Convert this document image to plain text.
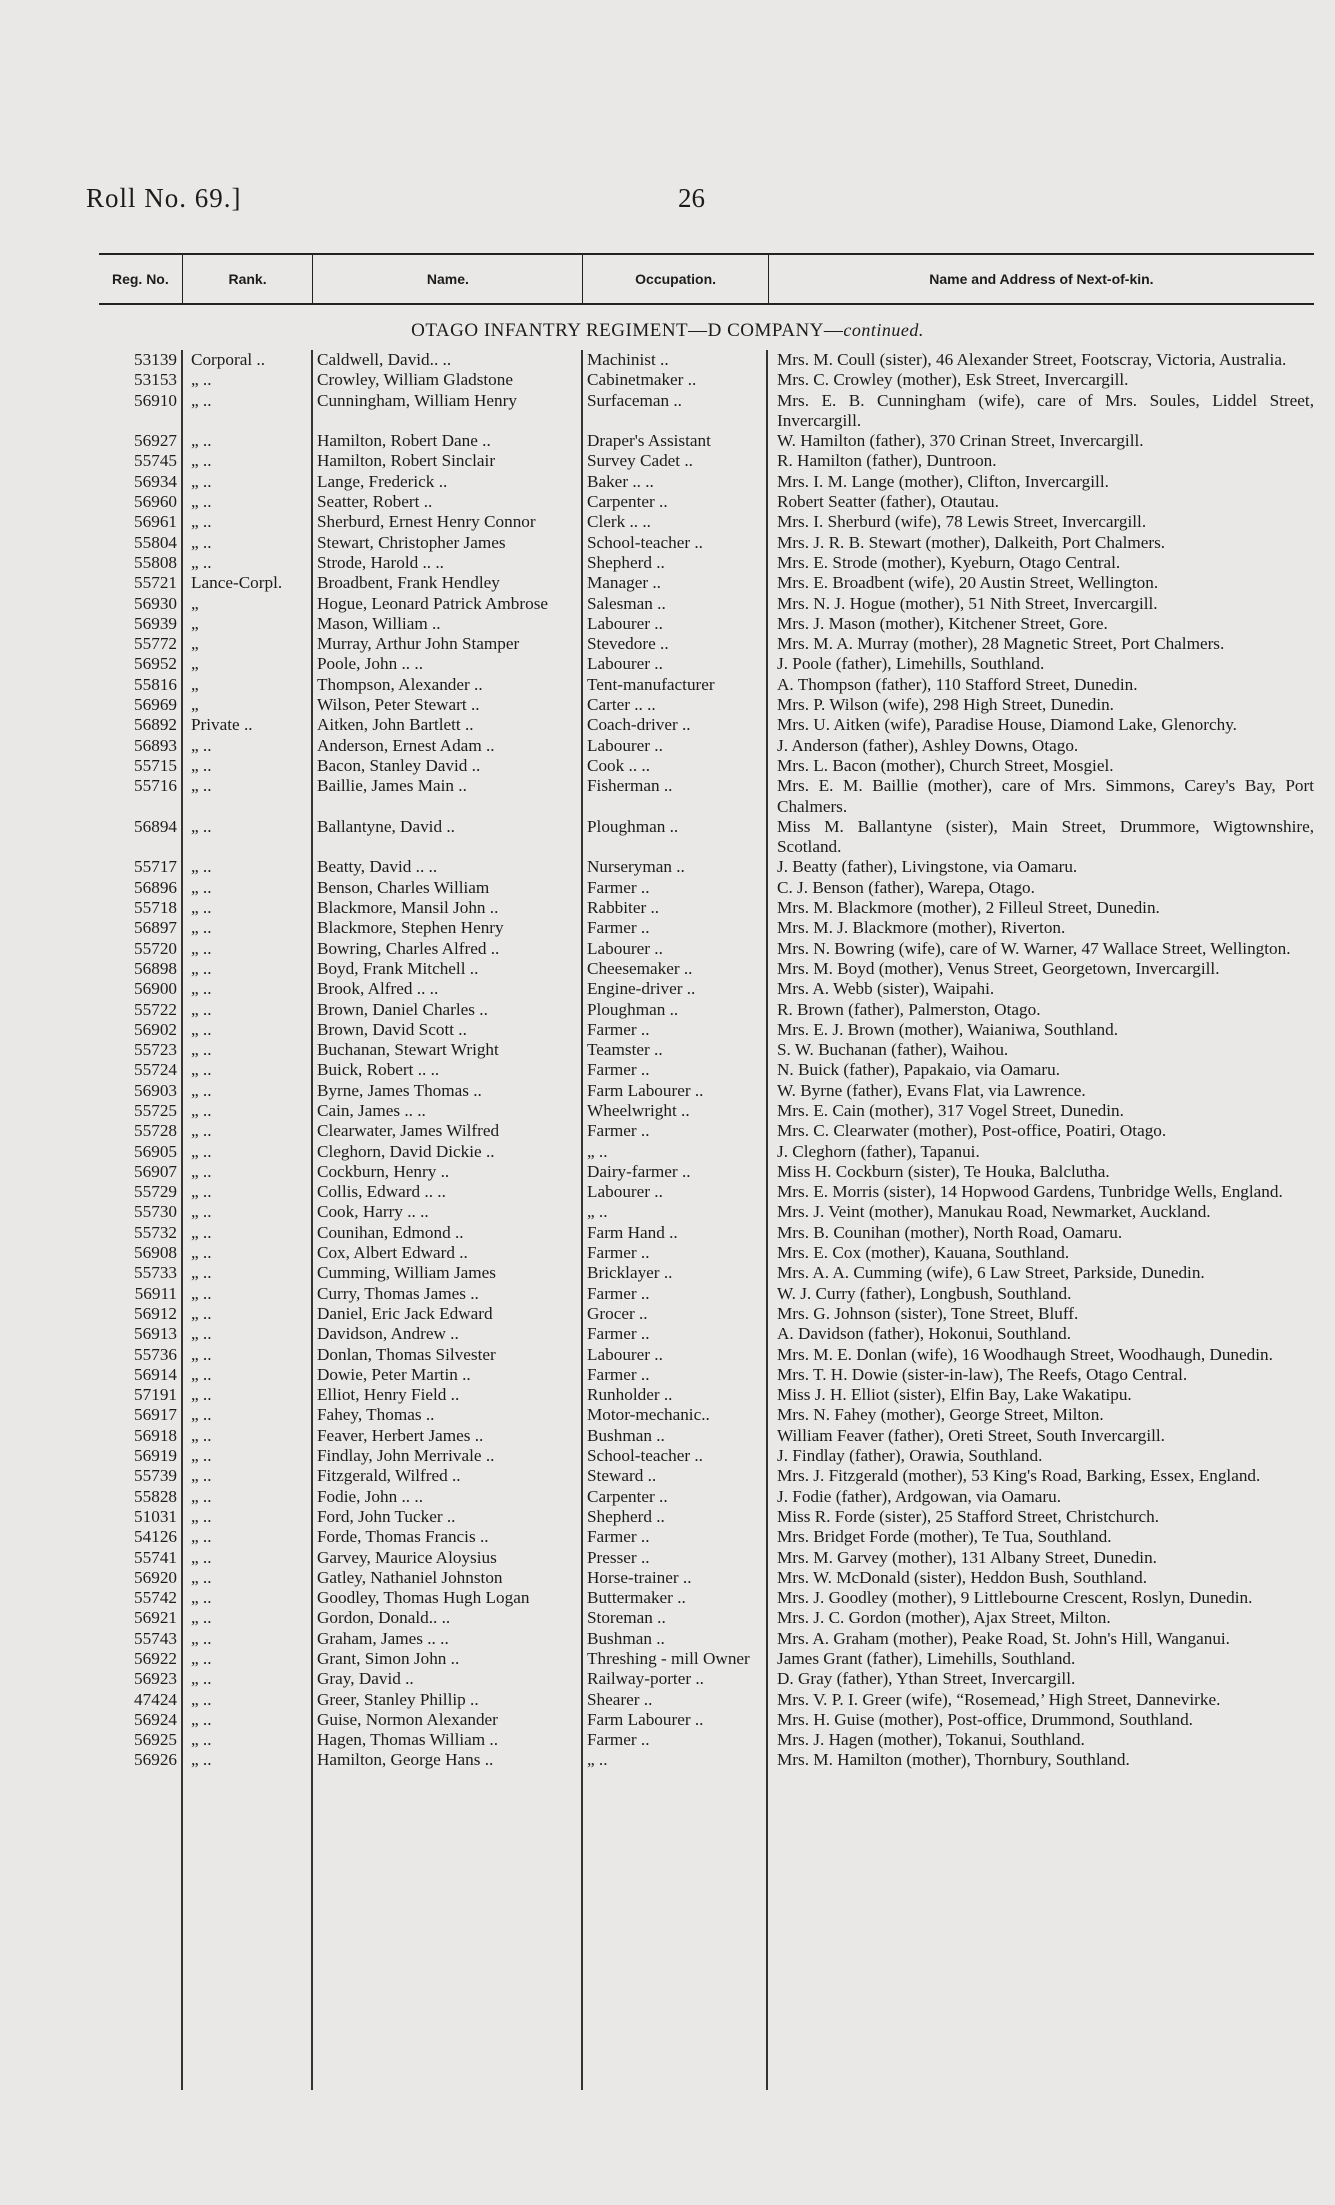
Roll No. 69.]	26
Reg. No.	Rank.	Name.	Occupation.	Name and Address of Next-of-kin.
OTAGO INFANTRY REGIMENT—D COMPANY—continued.
53139 Corporal ..	Caldwell, David.. ..	Machinist ..	Mrs. M. Coull (sister), 46 Alexander Street, Footscray, Victoria, Australia.
53153 „ ..	Crowley, William Gladstone	Cabinetmaker ..	Mrs. C. Crowley (mother), Esk Street, Invercargill.
56910 „ ..	Cunningham, William Henry	Surfaceman ..	Mrs. E. B. Cunningham (wife), care of Mrs. Soules, Liddel Street, Invercargill.
56927 „ ..	Hamilton, Robert Dane ..	Draper's Assistant	W. Hamilton (father), 370 Crinan Street, Invercargill.
55745 „ ..	Hamilton, Robert Sinclair	Survey Cadet ..	R. Hamilton (father), Duntroon.
56934 „ ..	Lange, Frederick ..	Baker .. ..	Mrs. I. M. Lange (mother), Clifton, Invercargill.
56960 „ ..	Seatter, Robert ..	Carpenter ..	Robert Seatter (father), Otautau.
56961 „ ..	Sherburd, Ernest Henry Connor	Clerk .. ..	Mrs. I. Sherburd (wife), 78 Lewis Street, Invercargill.
55804 „ ..	Stewart, Christopher James	School-teacher ..	Mrs. J. R. B. Stewart (mother), Dalkeith, Port Chalmers.
55808 „ ..	Strode, Harold .. ..	Shepherd ..	Mrs. E. Strode (mother), Kyeburn, Otago Central.
55721 Lance-Corpl.	Broadbent, Frank Hendley	Manager ..	Mrs. E. Broadbent (wife), 20 Austin Street, Wellington.
56930 „	Hogue, Leonard Patrick Ambrose	Salesman ..	Mrs. N. J. Hogue (mother), 51 Nith Street, Invercargill.
56939 „	Mason, William ..	Labourer ..	Mrs. J. Mason (mother), Kitchener Street, Gore.
55772 „	Murray, Arthur John Stamper	Stevedore ..	Mrs. M. A. Murray (mother), 28 Magnetic Street, Port Chalmers.
56952 „	Poole, John .. ..	Labourer ..	J. Poole (father), Limehills, Southland.
55816 „	Thompson, Alexander ..	Tent-manufacturer	A. Thompson (father), 110 Stafford Street, Dunedin.
56969 „	Wilson, Peter Stewart ..	Carter .. ..	Mrs. P. Wilson (wife), 298 High Street, Dunedin.
56892 Private ..	Aitken, John Bartlett ..	Coach-driver ..	Mrs. U. Aitken (wife), Paradise House, Diamond Lake, Glenorchy.
56893 „ ..	Anderson, Ernest Adam ..	Labourer ..	J. Anderson (father), Ashley Downs, Otago.
55715 „ ..	Bacon, Stanley David ..	Cook .. ..	Mrs. L. Bacon (mother), Church Street, Mosgiel.
55716 „ ..	Baillie, James Main ..	Fisherman ..	Mrs. E. M. Baillie (mother), care of Mrs. Simmons, Carey's Bay, Port Chalmers.
56894 „ ..	Ballantyne, David ..	Ploughman ..	Miss M. Ballantyne (sister), Main Street, Drummore, Wigtownshire, Scotland.
55717 „ ..	Beatty, David .. ..	Nurseryman ..	J. Beatty (father), Livingstone, via Oamaru.
56896 „ ..	Benson, Charles William	Farmer ..	C. J. Benson (father), Warepa, Otago.
55718 „ ..	Blackmore, Mansil John ..	Rabbiter ..	Mrs. M. Blackmore (mother), 2 Filleul Street, Dunedin.
56897 „ ..	Blackmore, Stephen Henry	Farmer ..	Mrs. M. J. Blackmore (mother), Riverton.
55720 „ ..	Bowring, Charles Alfred ..	Labourer ..	Mrs. N. Bowring (wife), care of W. Warner, 47 Wallace Street, Wellington.
56898 „ ..	Boyd, Frank Mitchell ..	Cheesemaker ..	Mrs. M. Boyd (mother), Venus Street, Georgetown, Invercargill.
56900 „ ..	Brook, Alfred .. ..	Engine-driver ..	Mrs. A. Webb (sister), Waipahi.
55722 „ ..	Brown, Daniel Charles ..	Ploughman ..	R. Brown (father), Palmerston, Otago.
56902 „ ..	Brown, David Scott ..	Farmer ..	Mrs. E. J. Brown (mother), Waianiwa, Southland.
55723 „ ..	Buchanan, Stewart Wright	Teamster ..	S. W. Buchanan (father), Waihou.
55724 „ ..	Buick, Robert .. ..	Farmer ..	N. Buick (father), Papakaio, via Oamaru.
56903 „ ..	Byrne, James Thomas ..	Farm Labourer ..	W. Byrne (father), Evans Flat, via Lawrence.
55725 „ ..	Cain, James .. ..	Wheelwright ..	Mrs. E. Cain (mother), 317 Vogel Street, Dunedin.
55728 „ ..	Clearwater, James Wilfred	Farmer ..	Mrs. C. Clearwater (mother), Post-office, Poatiri, Otago.
56905 „ ..	Cleghorn, David Dickie ..	„ ..	J. Cleghorn (father), Tapanui.
56907 „ ..	Cockburn, Henry ..	Dairy-farmer ..	Miss H. Cockburn (sister), Te Houka, Balclutha.
55729 „ ..	Collis, Edward .. ..	Labourer ..	Mrs. E. Morris (sister), 14 Hopwood Gardens, Tunbridge Wells, England.
55730 „ ..	Cook, Harry .. ..	„ ..	Mrs. J. Veint (mother), Manukau Road, Newmarket, Auckland.
55732 „ ..	Counihan, Edmond ..	Farm Hand ..	Mrs. B. Counihan (mother), North Road, Oamaru.
56908 „ ..	Cox, Albert Edward ..	Farmer ..	Mrs. E. Cox (mother), Kauana, Southland.
55733 „ ..	Cumming, William James	Bricklayer ..	Mrs. A. A. Cumming (wife), 6 Law Street, Parkside, Dunedin.
56911 „ ..	Curry, Thomas James ..	Farmer ..	W. J. Curry (father), Longbush, Southland.
56912 „ ..	Daniel, Eric Jack Edward	Grocer ..	Mrs. G. Johnson (sister), Tone Street, Bluff.
56913 „ ..	Davidson, Andrew ..	Farmer ..	A. Davidson (father), Hokonui, Southland.
55736 „ ..	Donlan, Thomas Silvester	Labourer ..	Mrs. M. E. Donlan (wife), 16 Woodhaugh Street, Woodhaugh, Dunedin.
56914 „ ..	Dowie, Peter Martin ..	Farmer ..	Mrs. T. H. Dowie (sister-in-law), The Reefs, Otago Central.
57191 „ ..	Elliot, Henry Field ..	Runholder ..	Miss J. H. Elliot (sister), Elfin Bay, Lake Wakatipu.
56917 „ ..	Fahey, Thomas ..	Motor-mechanic..	Mrs. N. Fahey (mother), George Street, Milton.
56918 „ ..	Feaver, Herbert James ..	Bushman ..	William Feaver (father), Oreti Street, South Invercargill.
56919 „ ..	Findlay, John Merrivale ..	School-teacher ..	J. Findlay (father), Orawia, Southland.
55739 „ ..	Fitzgerald, Wilfred ..	Steward ..	Mrs. J. Fitzgerald (mother), 53 King's Road, Barking, Essex, England.
55828 „ ..	Fodie, John .. ..	Carpenter ..	J. Fodie (father), Ardgowan, via Oamaru.
51031 „ ..	Ford, John Tucker ..	Shepherd ..	Miss R. Forde (sister), 25 Stafford Street, Christchurch.
54126 „ ..	Forde, Thomas Francis ..	Farmer ..	Mrs. Bridget Forde (mother), Te Tua, Southland.
55741 „ ..	Garvey, Maurice Aloysius	Presser ..	Mrs. M. Garvey (mother), 131 Albany Street, Dunedin.
56920 „ ..	Gatley, Nathaniel Johnston	Horse-trainer ..	Mrs. W. McDonald (sister), Heddon Bush, Southland.
55742 „ ..	Goodley, Thomas Hugh Logan	Buttermaker ..	Mrs. J. Goodley (mother), 9 Littlebourne Crescent, Roslyn, Dunedin.
56921 „ ..	Gordon, Donald.. ..	Storeman ..	Mrs. J. C. Gordon (mother), Ajax Street, Milton.
55743 „ ..	Graham, James .. ..	Bushman ..	Mrs. A. Graham (mother), Peake Road, St. John's Hill, Wanganui.
56922 „ ..	Grant, Simon John ..	Threshing - mill Owner	James Grant (father), Limehills, Southland.
56923 „ ..	Gray, David ..	Railway-porter ..	D. Gray (father), Ythan Street, Invercargill.
47424 „ ..	Greer, Stanley Phillip ..	Shearer ..	Mrs. V. P. I. Greer (wife), “Rosemead,’ High Street, Dannevirke.
56924 „ ..	Guise, Normon Alexander	Farm Labourer ..	Mrs. H. Guise (mother), Post-office, Drummond, Southland.
56925 „ ..	Hagen, Thomas William ..	Farmer ..	Mrs. J. Hagen (mother), Tokanui, Southland.
56926 „ ..	Hamilton, George Hans ..	„ ..	Mrs. M. Hamilton (mother), Thornbury, Southland.
